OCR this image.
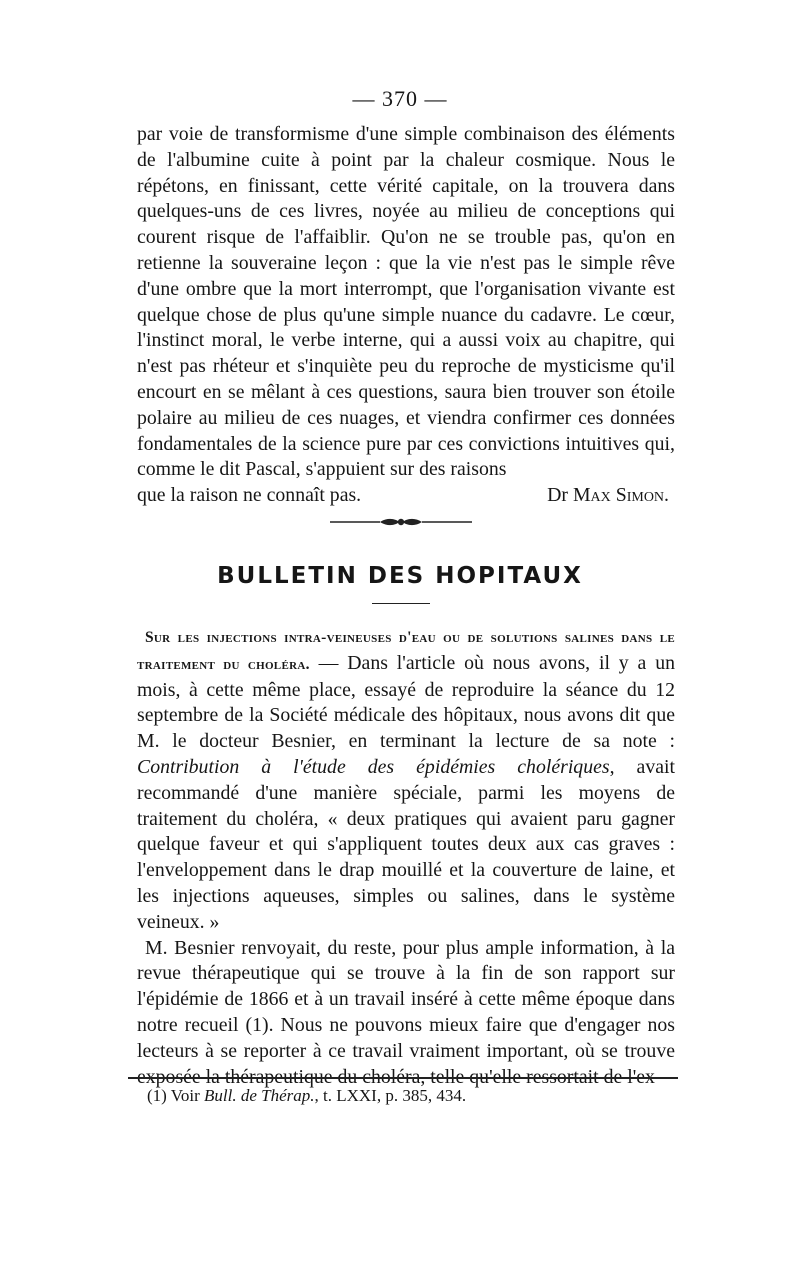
— 370 —
par voie de transformisme d'une simple combinaison des éléments de l'albumine cuite à point par la chaleur cosmique. Nous le répétons, en finissant, cette vérité capitale, on la trouvera dans quelques-uns de ces livres, noyée au milieu de conceptions qui courent risque de l'affaiblir. Qu'on ne se trouble pas, qu'on en retienne la souveraine leçon : que la vie n'est pas le simple rêve d'une ombre que la mort interrompt, que l'organisation vivante est quelque chose de plus qu'une simple nuance du cadavre. Le cœur, l'instinct moral, le verbe interne, qui a aussi voix au chapitre, qui n'est pas rhéteur et s'inquiète peu du reproche de mysticisme qu'il encourt en se mêlant à ces questions, saura bien trouver son étoile polaire au milieu de ces nuages, et viendra confirmer ces données fondamentales de la science pure par ces convictions intuitives qui, comme le dit Pascal, s'appuient sur des raisons
que la raison ne connaît pas.	Dr Max Simon.
BULLETIN DES HOPITAUX

Sur les injections intra-veineuses d'eau ou de solutions salines dans le traitement du choléra. — Dans l'article où nous avons, il y a un mois, à cette même place, essayé de reproduire la séance du 12 septembre de la Société médicale des hôpitaux, nous avons dit que M. le docteur Besnier, en terminant la lecture de sa note : Contribution à l'étude des épidémies cholériques, avait recommandé d'une manière spéciale, parmi les moyens de traitement du choléra, « deux pratiques qui avaient paru gagner quelque faveur et qui s'appliquent toutes deux aux cas graves : l'enveloppement dans le drap mouillé et la couverture de laine, et les injections aqueuses, simples ou salines, dans le système veineux. »

M. Besnier renvoyait, du reste, pour plus ample information, à la revue thérapeutique qui se trouve à la fin de son rapport sur l'épidémie de 1866 et à un travail inséré à cette même époque dans notre recueil (1). Nous ne pouvons mieux faire que d'engager nos lecteurs à se reporter à ce travail vraiment important, où se trouve exposée la thérapeutique du choléra, telle qu'elle ressortait de l'ex-

(1) Voir Bull. de Thérap., t. LXXI, p. 385, 434.
